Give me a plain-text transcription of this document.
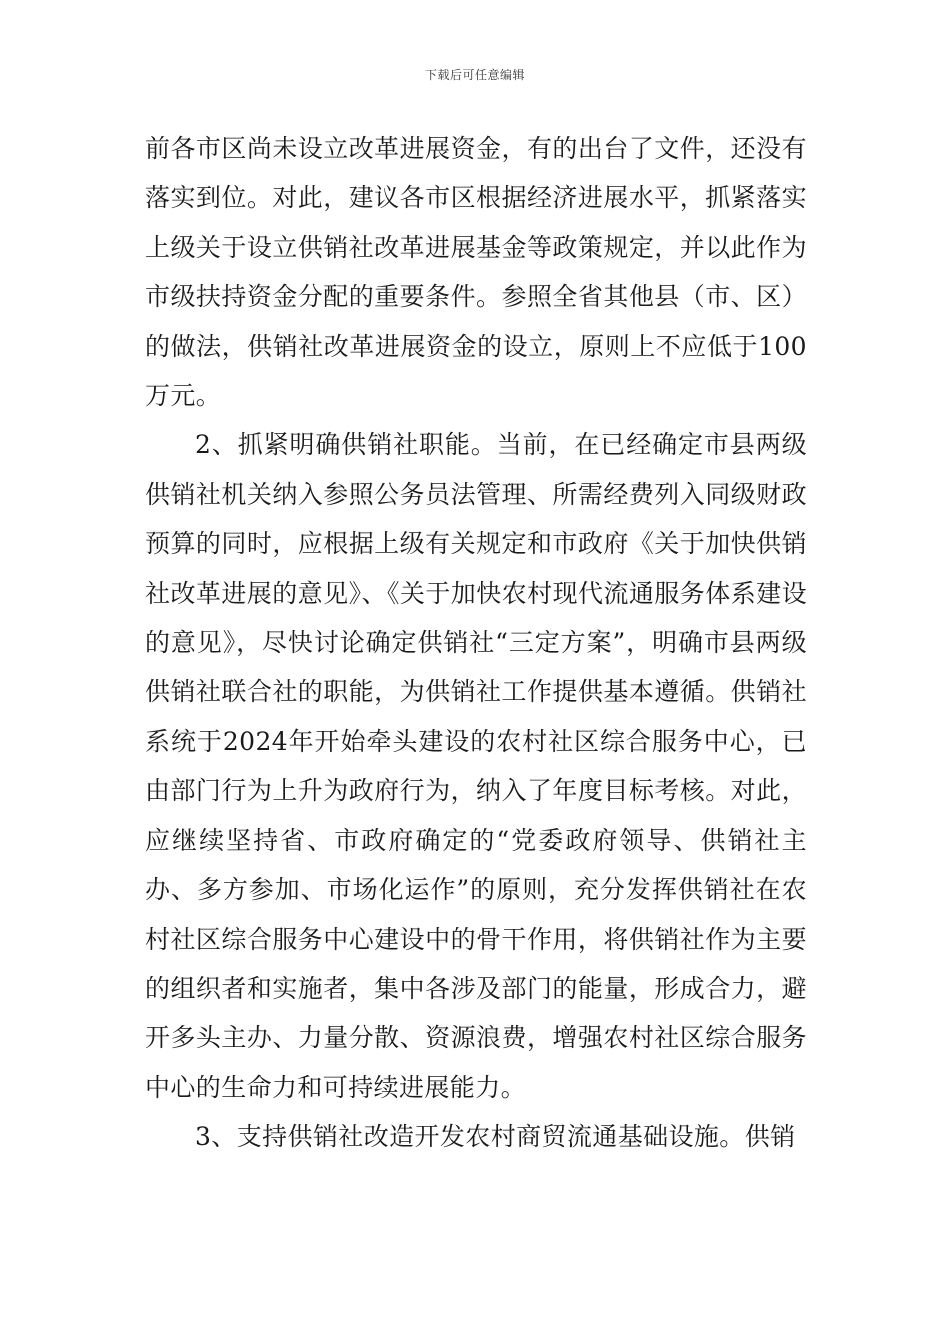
下载后可任意编辑

前各市区尚未设立改革进展资金，有的出台了文件，还没有落实到位。对此，建议各市区根据经济进展水平，抓紧落实上级关于设立供销社改革进展基金等政策规定，并以此作为市级扶持资金分配的重要条件。参照全省其他县（市、区）的做法，供销社改革进展资金的设立，原则上不应低于100万元。

2、抓紧明确供销社职能。当前，在已经确定市县两级供销社机关纳入参照公务员法管理、所需经费列入同级财政预算的同时，应根据上级有关规定和市政府《关于加快供销社改革进展的意见》、《关于加快农村现代流通服务体系建设的意见》，尽快讨论确定供销社“三定方案”，明确市县两级供销社联合社的职能，为供销社工作提供基本遵循。供销社系统于2024年开始牵头建设的农村社区综合服务中心，已由部门行为上升为政府行为，纳入了年度目标考核。对此，应继续坚持省、市政府确定的“党委政府领导、供销社主办、多方参加、市场化运作”的原则，充分发挥供销社在农村社区综合服务中心建设中的骨干作用，将供销社作为主要的组织者和实施者，集中各涉及部门的能量，形成合力，避开多头主办、力量分散、资源浪费，增强农村社区综合服务中心的生命力和可持续进展能力。

3、支持供销社改造开发农村商贸流通基础设施。供销
